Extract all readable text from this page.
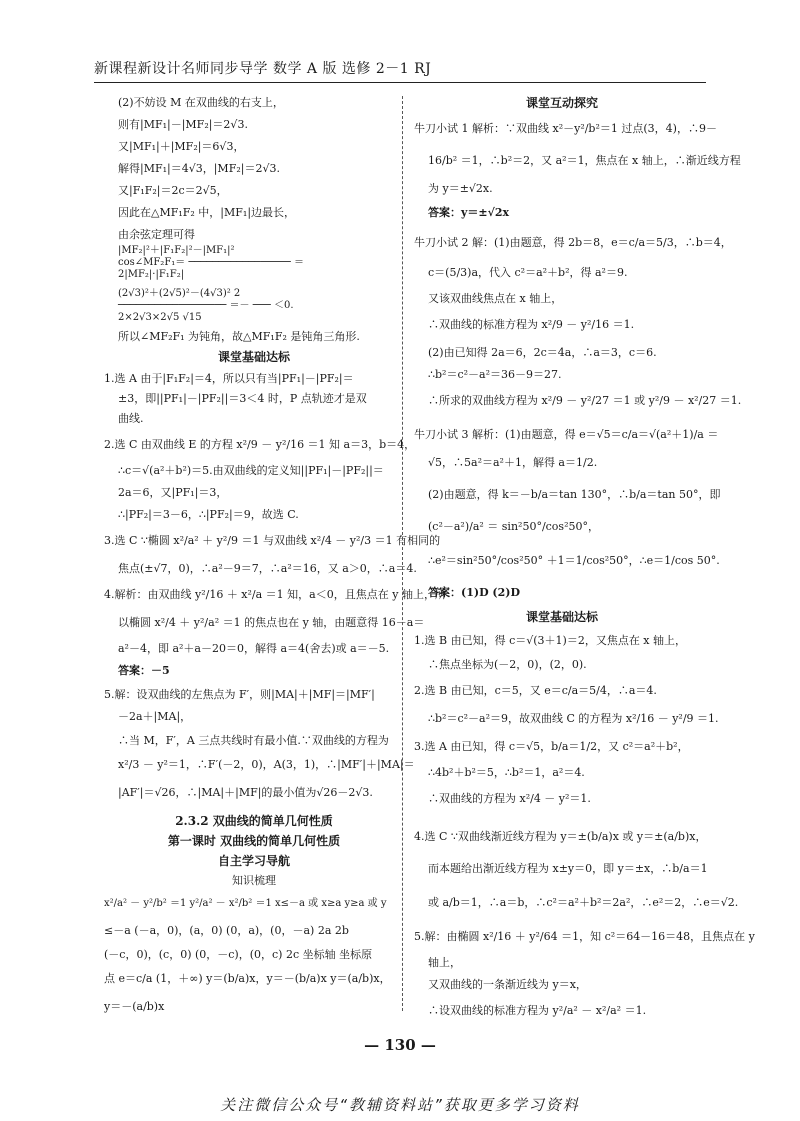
新课程新设计名师同步导学 数学 A 版 选修 2－1 RJ
(2)不妨设 M 在双曲线的右支上，
则有|MF₁|－|MF₂|＝2√3.
又|MF₁|＋|MF₂|＝6√3，
解得|MF₁|＝4√3，|MF₂|＝2√3.
又|F₁F₂|＝2c＝2√5，
因此在△MF₁F₂ 中，|MF₁|边最长，
由余弦定理可得
|MF₂|²＋|F₁F₂|²－|MF₁|²
cos∠MF₂F₁＝ ───────────────── ＝
2|MF₂|·|F₁F₂|
(2√3)²＋(2√5)²－(4√3)² 2
────────────────── ＝－ ─── ＜0.
2×2√3×2√5 √15
所以∠MF₂F₁ 为钝角，故△MF₁F₂ 是钝角三角形.
课堂基础达标
1.选 A 由于|F₁F₂|＝4，所以只有当|PF₁|－|PF₂|＝
±3，即||PF₁|－|PF₂||＝3＜4 时，P 点轨迹才是双
曲线.
2.选 C 由双曲线 E 的方程 x²/9 － y²/16 ＝1 知 a＝3，b＝4，
∴c＝√(a²＋b²)＝5.由双曲线的定义知||PF₁|－|PF₂||＝
2a＝6，又|PF₁|＝3，
∴|PF₂|＝3－6，∴|PF₂|＝9，故选 C.
3.选 C ∵椭圆 x²/a² ＋ y²/9 ＝1 与双曲线 x²/4 － y²/3 ＝1 有相同的
焦点(±√7，0)，∴a²－9＝7，∴a²＝16，又 a＞0，∴a＝4.
4.解析：由双曲线 y²/16 ＋ x²/a ＝1 知，a＜0，且焦点在 y 轴上，所
以椭圆 x²/4 ＋ y²/a² ＝1 的焦点也在 y 轴，由题意得 16－a＝
a²－4，即 a²＋a－20＝0，解得 a＝4(舍去)或 a＝－5.
答案：－5
5.解：设双曲线的左焦点为 F′，则|MA|＋|MF|＝|MF′|
－2a＋|MA|，
∴当 M，F′，A 三点共线时有最小值.∵双曲线的方程为
x²/3 － y²＝1，∴F′(－2，0)，A(3，1)，∴|MF′|＋|MA|＝
|AF′|＝√26，∴|MA|＋|MF|的最小值为√26－2√3.
2.3.2 双曲线的简单几何性质
第一课时 双曲线的简单几何性质
自主学习导航
知识梳理
x²/a² － y²/b² ＝1 y²/a² － x²/b² ＝1 x≤－a 或 x≥a y≥a 或 y
≤－a (－a，0)，(a，0) (0，a)，(0，－a) 2a 2b
(－c，0)，(c，0) (0，－c)，(0，c) 2c 坐标轴 坐标原
点 e＝c/a (1，＋∞) y＝(b/a)x，y＝－(b/a)x y＝(a/b)x，
y＝－(a/b)x
课堂互动探究
牛刀小试 1 解析：∵双曲线 x²－y²/b²＝1 过点(3，4)，∴9－
16/b² ＝1，∴b²＝2，又 a²＝1，焦点在 x 轴上，∴渐近线方程
为 y＝±√2x.
答案：y＝±√2x
牛刀小试 2 解：(1)由题意，得 2b＝8，e＝c/a＝5/3，∴b＝4，
c＝(5/3)a，代入 c²＝a²＋b²，得 a²＝9.
又该双曲线焦点在 x 轴上，
∴双曲线的标准方程为 x²/9 － y²/16 ＝1.
(2)由已知得 2a＝6，2c＝4a，∴a＝3，c＝6.
∴b²＝c²－a²＝36－9＝27.
∴所求的双曲线方程为 x²/9 － y²/27 ＝1 或 y²/9 － x²/27 ＝1.
牛刀小试 3 解析：(1)由题意，得 e＝√5＝c/a＝√(a²＋1)/a ＝
√5，∴5a²＝a²＋1，解得 a＝1/2.
(2)由题意，得 k＝－b/a＝tan 130°，∴b/a＝tan 50°，即
(c²－a²)/a² ＝ sin²50°/cos²50°，
∴e²＝sin²50°/cos²50° ＋1＝1/cos²50°，∴e＝1/cos 50°.
答案：(1)D (2)D
课堂基础达标
1.选 B 由已知，得 c＝√(3＋1)＝2，又焦点在 x 轴上，
∴焦点坐标为(－2，0)，(2，0).
2.选 B 由已知，c＝5，又 e＝c/a＝5/4，∴a＝4.
∴b²＝c²－a²＝9，故双曲线 C 的方程为 x²/16 － y²/9 ＝1.
3.选 A 由已知，得 c＝√5，b/a＝1/2，又 c²＝a²＋b²，
∴4b²＋b²＝5，∴b²＝1，a²＝4.
∴双曲线的方程为 x²/4 － y²＝1.
4.选 C ∵双曲线渐近线方程为 y＝±(b/a)x 或 y＝±(a/b)x，
而本题给出渐近线方程为 x±y＝0，即 y＝±x，∴b/a＝1
或 a/b＝1，∴a＝b，∴c²＝a²＋b²＝2a²，∴e²＝2，∴e＝√2.
5.解：由椭圆 x²/16 ＋ y²/64 ＝1，知 c²＝64－16＝48，且焦点在 y
轴上，
又双曲线的一条渐近线为 y＝x，
∴设双曲线的标准方程为 y²/a² － x²/a² ＝1.
— 130 —
关注微信公众号“教辅资料站”获取更多学习资料
